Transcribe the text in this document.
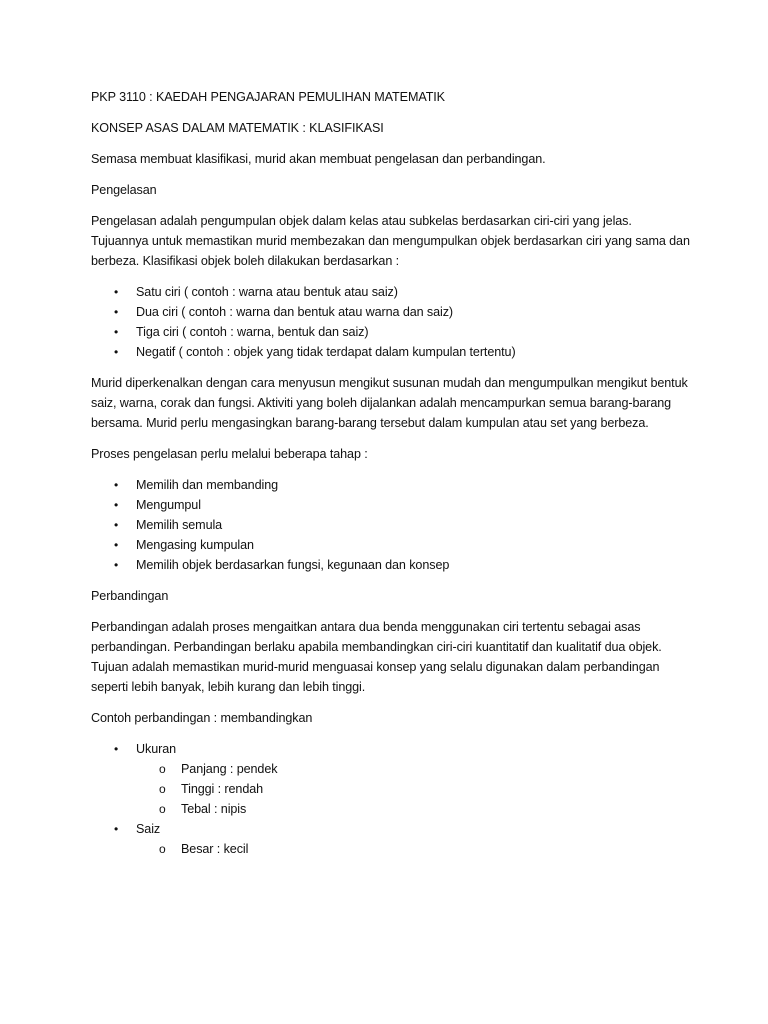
PKP 3110 : KAEDAH PENGAJARAN PEMULIHAN MATEMATIK

KONSEP ASAS DALAM MATEMATIK : KLASIFIKASI

Semasa membuat klasifikasi, murid akan membuat pengelasan dan perbandingan.

Pengelasan

Pengelasan adalah pengumpulan objek dalam kelas atau subkelas berdasarkan ciri-ciri yang jelas. Tujuannya untuk memastikan murid membezakan dan mengumpulkan objek berdasarkan ciri yang sama dan berbeza. Klasifikasi objek boleh dilakukan berdasarkan :

•	Satu ciri ( contoh : warna atau bentuk atau saiz)
•	Dua ciri ( contoh : warna dan bentuk atau warna dan saiz)
•	Tiga ciri ( contoh : warna, bentuk dan saiz)
•	Negatif ( contoh : objek yang tidak terdapat dalam kumpulan tertentu)

Murid diperkenalkan dengan cara menyusun mengikut susunan mudah dan mengumpulkan mengikut bentuk saiz, warna, corak dan fungsi. Aktiviti yang boleh dijalankan adalah mencampurkan semua barang-barang bersama. Murid perlu mengasingkan barang-barang tersebut dalam kumpulan atau set yang berbeza.

Proses pengelasan perlu melalui beberapa tahap :

•	Memilih dan membanding
•	Mengumpul
•	Memilih semula
•	Mengasing kumpulan
•	Memilih objek berdasarkan fungsi, kegunaan dan konsep

Perbandingan

Perbandingan adalah proses mengaitkan antara dua benda menggunakan ciri tertentu sebagai asas perbandingan. Perbandingan berlaku apabila membandingkan ciri-ciri kuantitatif dan kualitatif dua objek. Tujuan adalah memastikan murid-murid menguasai konsep yang selalu digunakan dalam perbandingan seperti lebih banyak, lebih kurang dan lebih tinggi.

Contoh perbandingan : membandingkan

•	Ukuran
o Panjang : pendek
o Tinggi : rendah
o Tebal : nipis
•	Saiz
o Besar : kecil
